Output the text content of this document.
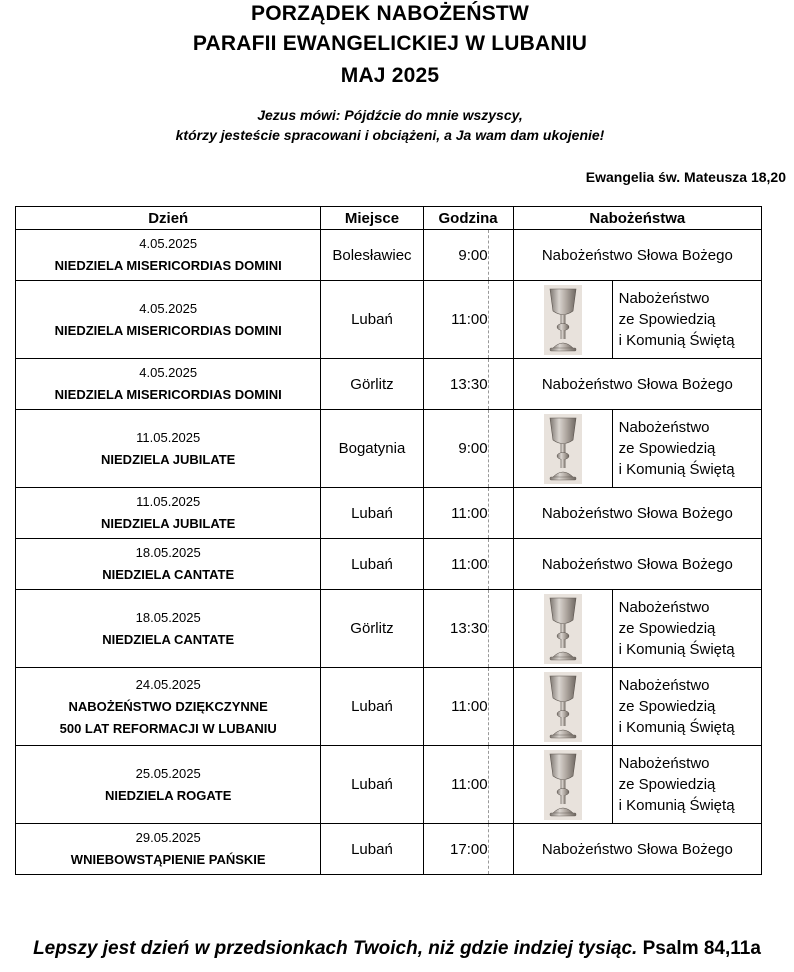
PORZĄDEK NABOŻEŃSTW
PARAFII EWANGELICKIEJ W LUBANIU
MAJ 2025
Jezus mówi: Pójdźcie do mnie wszyscy,
którzy jesteście spracowani i obciążeni, a Ja wam dam ukojenie!
Ewangelia św. Mateusza 18,20
Dzień	Miejsce	Godzina		Nabożeństwa

4.05.2025
NIEDZIELA MISERICORDIAS DOMINI	Bolesławiec	9:00		Nabożeństwo Słowa Bożego

4.05.2025
NIEDZIELA MISERICORDIAS DOMINI	Lubań	11:00		Nabożeństwo
ze Spowiedzią
i Komunią Świętą

4.05.2025
NIEDZIELA MISERICORDIAS DOMINI	Görlitz	13:30		Nabożeństwo Słowa Bożego

11.05.2025
NIEDZIELA JUBILATE	Bogatynia	9:00		Nabożeństwo
ze Spowiedzią
i Komunią Świętą

11.05.2025
NIEDZIELA JUBILATE	Lubań	11:00		Nabożeństwo Słowa Bożego

18.05.2025
NIEDZIELA CANTATE	Lubań	11:00		Nabożeństwo Słowa Bożego

18.05.2025
NIEDZIELA CANTATE	Görlitz	13:30		Nabożeństwo
ze Spowiedzią
i Komunią Świętą

24.05.2025
NABOŻEŃSTWO DZIĘKCZYNNE
500 LAT REFORMACJI W LUBANIU	Lubań	11:00		Nabożeństwo
ze Spowiedzią
i Komunią Świętą

25.05.2025
NIEDZIELA ROGATE	Lubań	11:00		Nabożeństwo
ze Spowiedzią
i Komunią Świętą

29.05.2025
WNIEBOWSTĄPIENIE PAŃSKIE	Lubań	17:00		Nabożeństwo Słowa Bożego
Lepszy jest dzień w przedsionkach Twoich, niż gdzie indziej tysiąc. Psalm 84,11a
